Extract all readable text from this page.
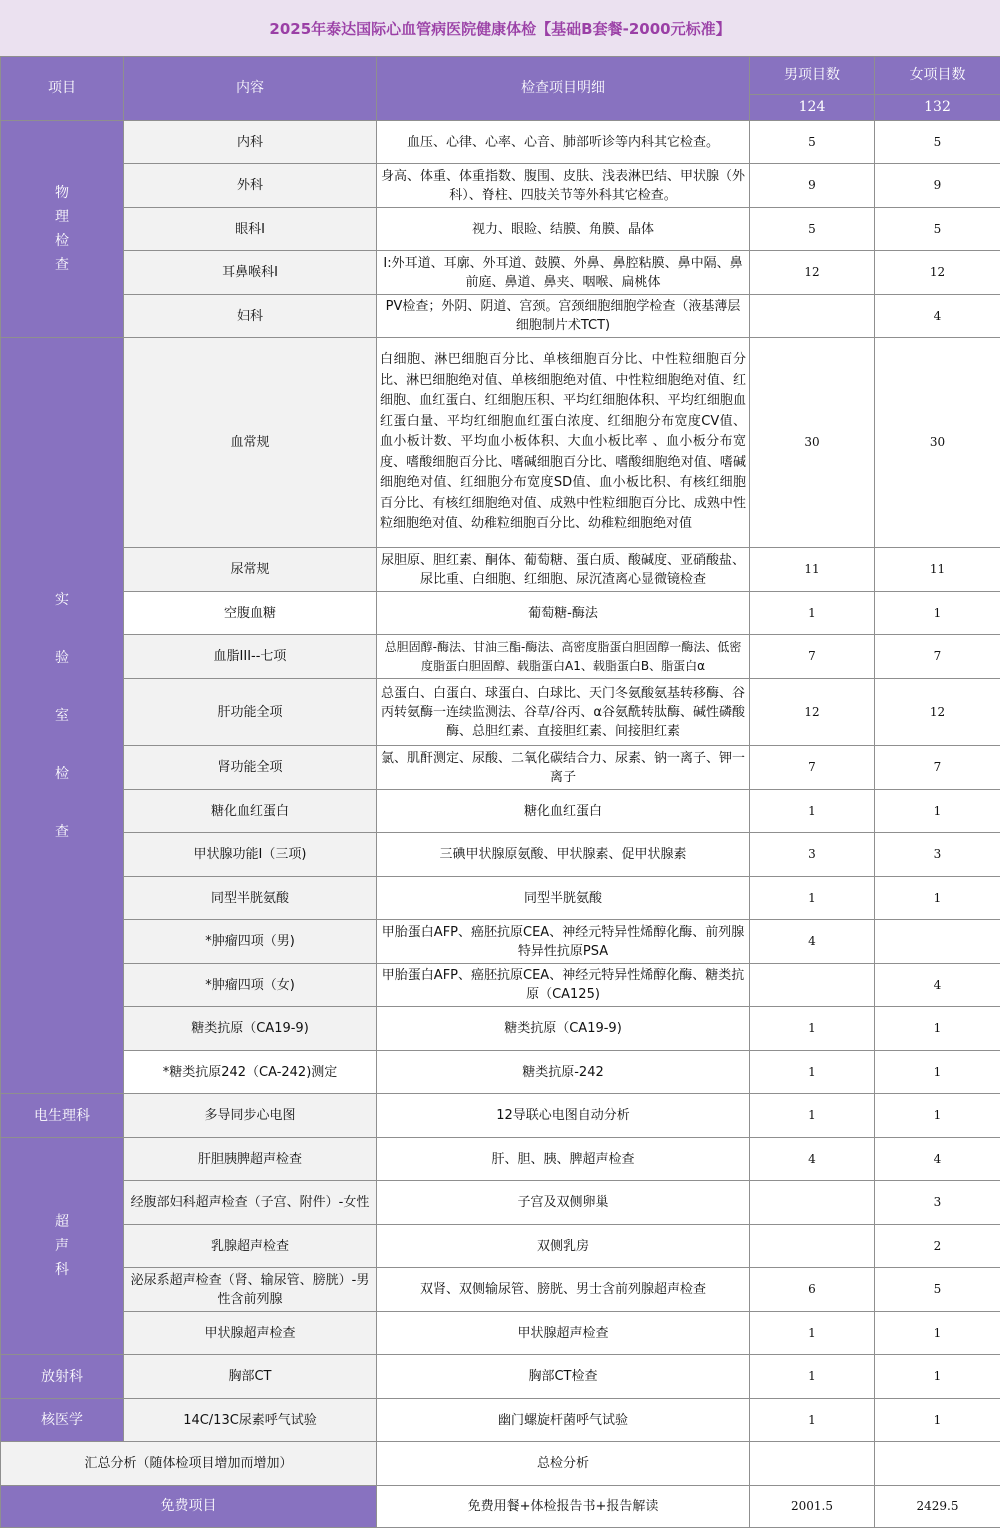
2025年泰达国际心血管病医院健康体检【基础B套餐-2000元标准】
项目	内容	检查项目明细	男项目数	女项目数
			124	132

物理检查	内科	血压、心律、心率、心音、肺部听诊等内科其它检查。	5	5
	外科	身高、体重、体重指数、腹围、皮肤、浅表淋巴结、甲状腺（外科）、脊柱、四肢关节等外科其它检查。	9	9
	眼科I	视力、眼睑、结膜、角膜、晶体	5	5
	耳鼻喉科I	I:外耳道、耳廓、外耳道、鼓膜、外鼻、鼻腔粘膜、鼻中隔、鼻前庭、鼻道、鼻夹、咽喉、扁桃体	12	12
	妇科	PV检查；外阴、阴道、宫颈。宫颈细胞细胞学检查（液基薄层细胞制片术TCT)		4

实验室检查	血常规	白细胞、淋巴细胞百分比、单核细胞百分比、中性粒细胞百分比、淋巴细胞绝对值、单核细胞绝对值、中性粒细胞绝对值、红细胞、血红蛋白、红细胞压积、平均红细胞体积、平均红细胞血红蛋白量、平均红细胞血红蛋白浓度、红细胞分布宽度CV值、血小板计数、平均血小板体积、大血小板比率 、血小板分布宽度、嗜酸细胞百分比、嗜碱细胞百分比、嗜酸细胞绝对值、嗜碱细胞绝对值、红细胞分布宽度SD值、血小板比积、有核红细胞百分比、有核红细胞绝对值、成熟中性粒细胞百分比、成熟中性粒细胞绝对值、幼稚粒细胞百分比、幼稚粒细胞绝对值	30	30
	尿常规	尿胆原、胆红素、酮体、葡萄糖、蛋白质、酸碱度、亚硝酸盐、尿比重、白细胞、红细胞、尿沉渣离心显微镜检查	11	11
	空腹血糖	葡萄糖-酶法	1	1
	血脂III--七项	总胆固醇-酶法、甘油三酯-酶法、高密度脂蛋白胆固醇一酶法、低密度脂蛋白胆固醇、载脂蛋白A1、载脂蛋白B、脂蛋白α	7	7
	肝功能全项	总蛋白、白蛋白、球蛋白、白球比、天门冬氨酸氨基转移酶、谷丙转氨酶一连续监测法、谷草/谷丙、α谷氨酰转肽酶、碱性磷酸酶、总胆红素、直接胆红素、间接胆红素	12	12
	肾功能全项	氯、肌酐测定、尿酸、二氧化碳结合力、尿素、钠一离子、钾一离子	7	7
	糖化血红蛋白	糖化血红蛋白	1	1
	甲状腺功能I（三项)	三碘甲状腺原氨酸、甲状腺素、促甲状腺素	3	3
	同型半胱氨酸	同型半胱氨酸	1	1
	*肿瘤四项（男)	甲胎蛋白AFP、癌胚抗原CEA、神经元特异性烯醇化酶、前列腺特异性抗原PSA	4	
	*肿瘤四项（女)	甲胎蛋白AFP、癌胚抗原CEA、神经元特异性烯醇化酶、糖类抗原（CA125)		4
	糖类抗原（CA19-9)	糖类抗原（CA19-9)	1	1
	*糖类抗原242（CA-242)测定	糖类抗原-242	1	1
电生理科	多导同步心电图	12导联心电图自动分析	1	1

超声科	肝胆胰脾超声检查	肝、胆、胰、脾超声检查	4	4
	经腹部妇科超声检查（子宫、附件）-女性	子宫及双侧卵巢		3
	乳腺超声检查	双侧乳房		2
	泌尿系超声检查（肾、输尿管、膀胱）-男性含前列腺	双肾、双侧输尿管、膀胱、男士含前列腺超声检查	6	5
	甲状腺超声检查	甲状腺超声检查	1	1
放射科	胸部CT	胸部CT检查	1	1
核医学	14C/13C尿素呼气试验	幽门螺旋杆菌呼气试验	1	1
汇总分析（随体检项目增加而增加）		总检分析		
免费项目		免费用餐+体检报告书+报告解读	2001.5	2429.5
